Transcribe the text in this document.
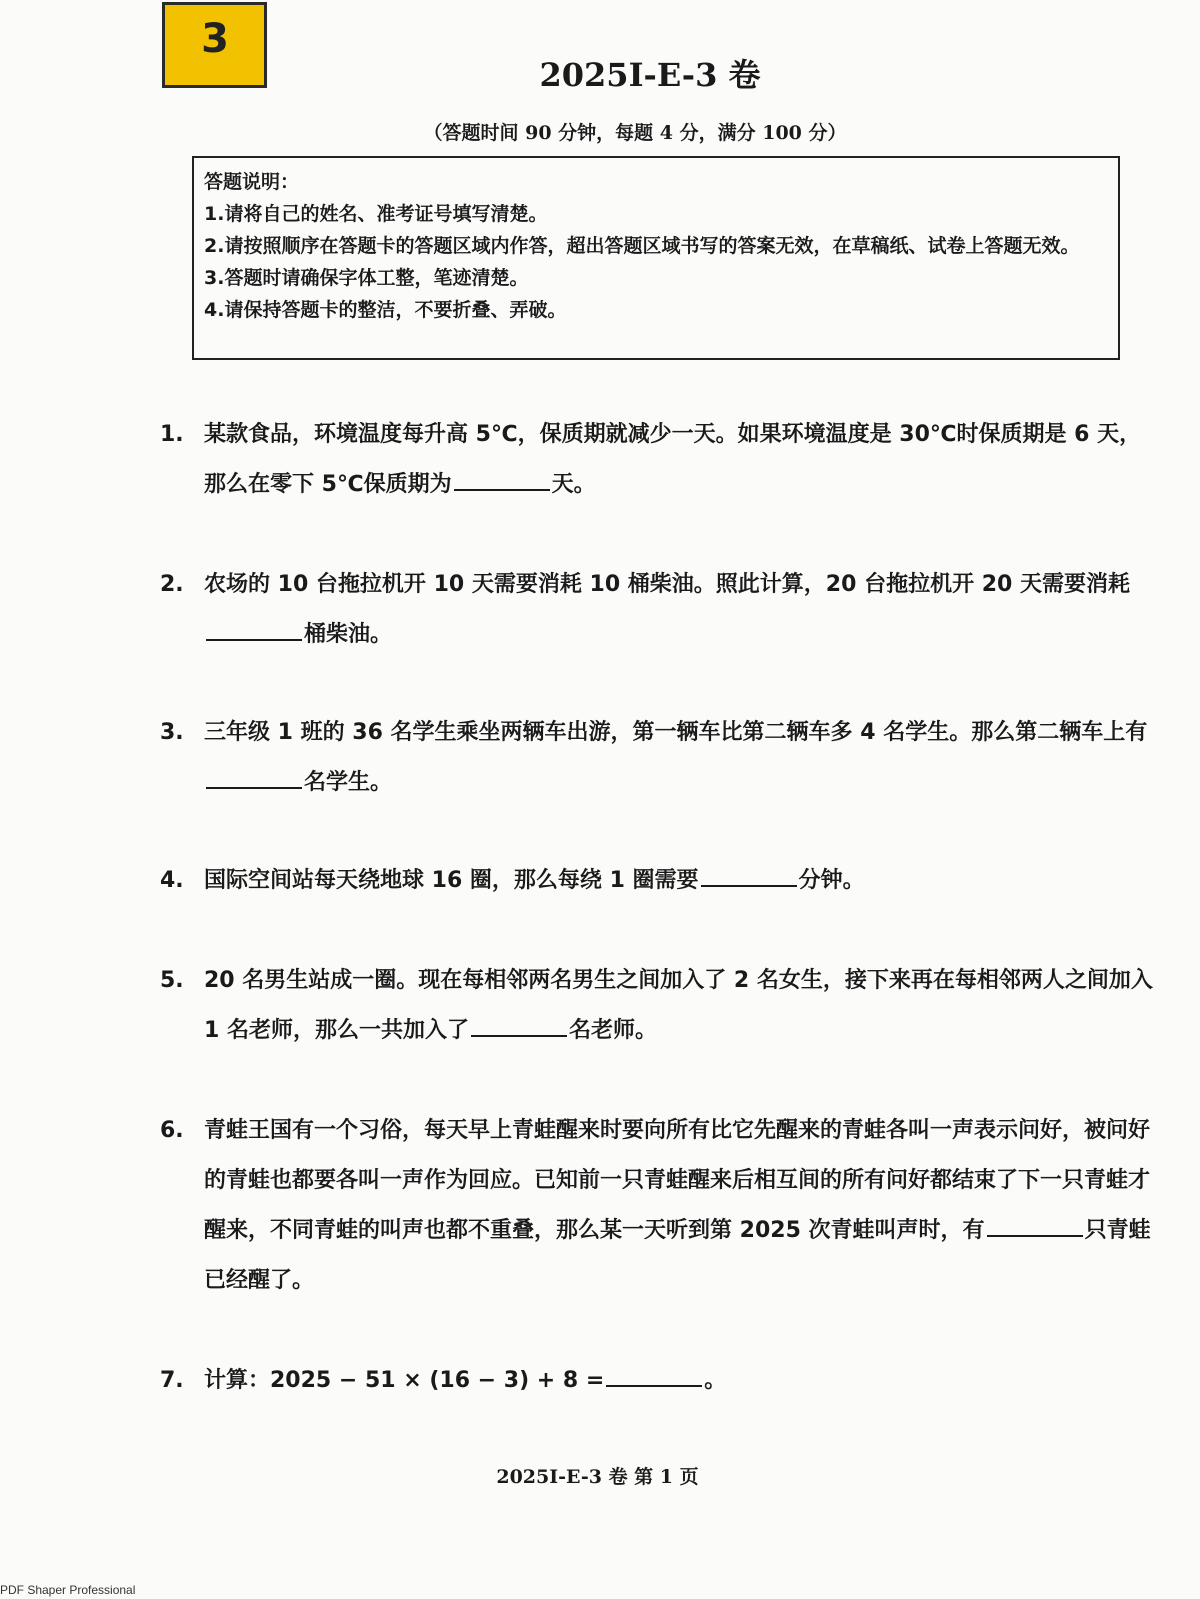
3
2025I-E-3 卷
（答题时间 90 分钟，每题 4 分，满分 100 分）
答题说明：
1.请将自己的姓名、准考证号填写清楚。
2.请按照顺序在答题卡的答题区域内作答，超出答题区域书写的答案无效，在草稿纸、试卷上答题无效。
3.答题时请确保字体工整，笔迹清楚。
4.请保持答题卡的整洁，不要折叠、弄破。
1. 某款食品，环境温度每升高 5℃，保质期就减少一天。如果环境温度是 30℃时保质期是 6 天，那么在零下 5℃保质期为	天。
2. 农场的 10 台拖拉机开 10 天需要消耗 10 桶柴油。照此计算，20 台拖拉机开 20 天需要消耗桶柴油。
3. 三年级 1 班的 36 名学生乘坐两辆车出游，第一辆车比第二辆车多 4 名学生。那么第二辆车上有名学生。
4. 国际空间站每天绕地球 16 圈，那么每绕 1 圈需要	分钟。
5. 20 名男生站成一圈。现在每相邻两名男生之间加入了 2 名女生，接下来再在每相邻两人之间加入 1 名老师，那么一共加入了	名老师。
6. 青蛙王国有一个习俗，每天早上青蛙醒来时要向所有比它先醒来的青蛙各叫一声表示问好，被问好的青蛙也都要各叫一声作为回应。已知前一只青蛙醒来后相互间的所有问好都结束了下一只青蛙才醒来，不同青蛙的叫声也都不重叠，那么某一天听到第 2025 次青蛙叫声时，有	只青蛙已经醒了。
7. 计算：2025 − 51 × (16 − 3) + 8 =	。
2025I-E-3 卷 第 1 页
PDF Shaper Professional
